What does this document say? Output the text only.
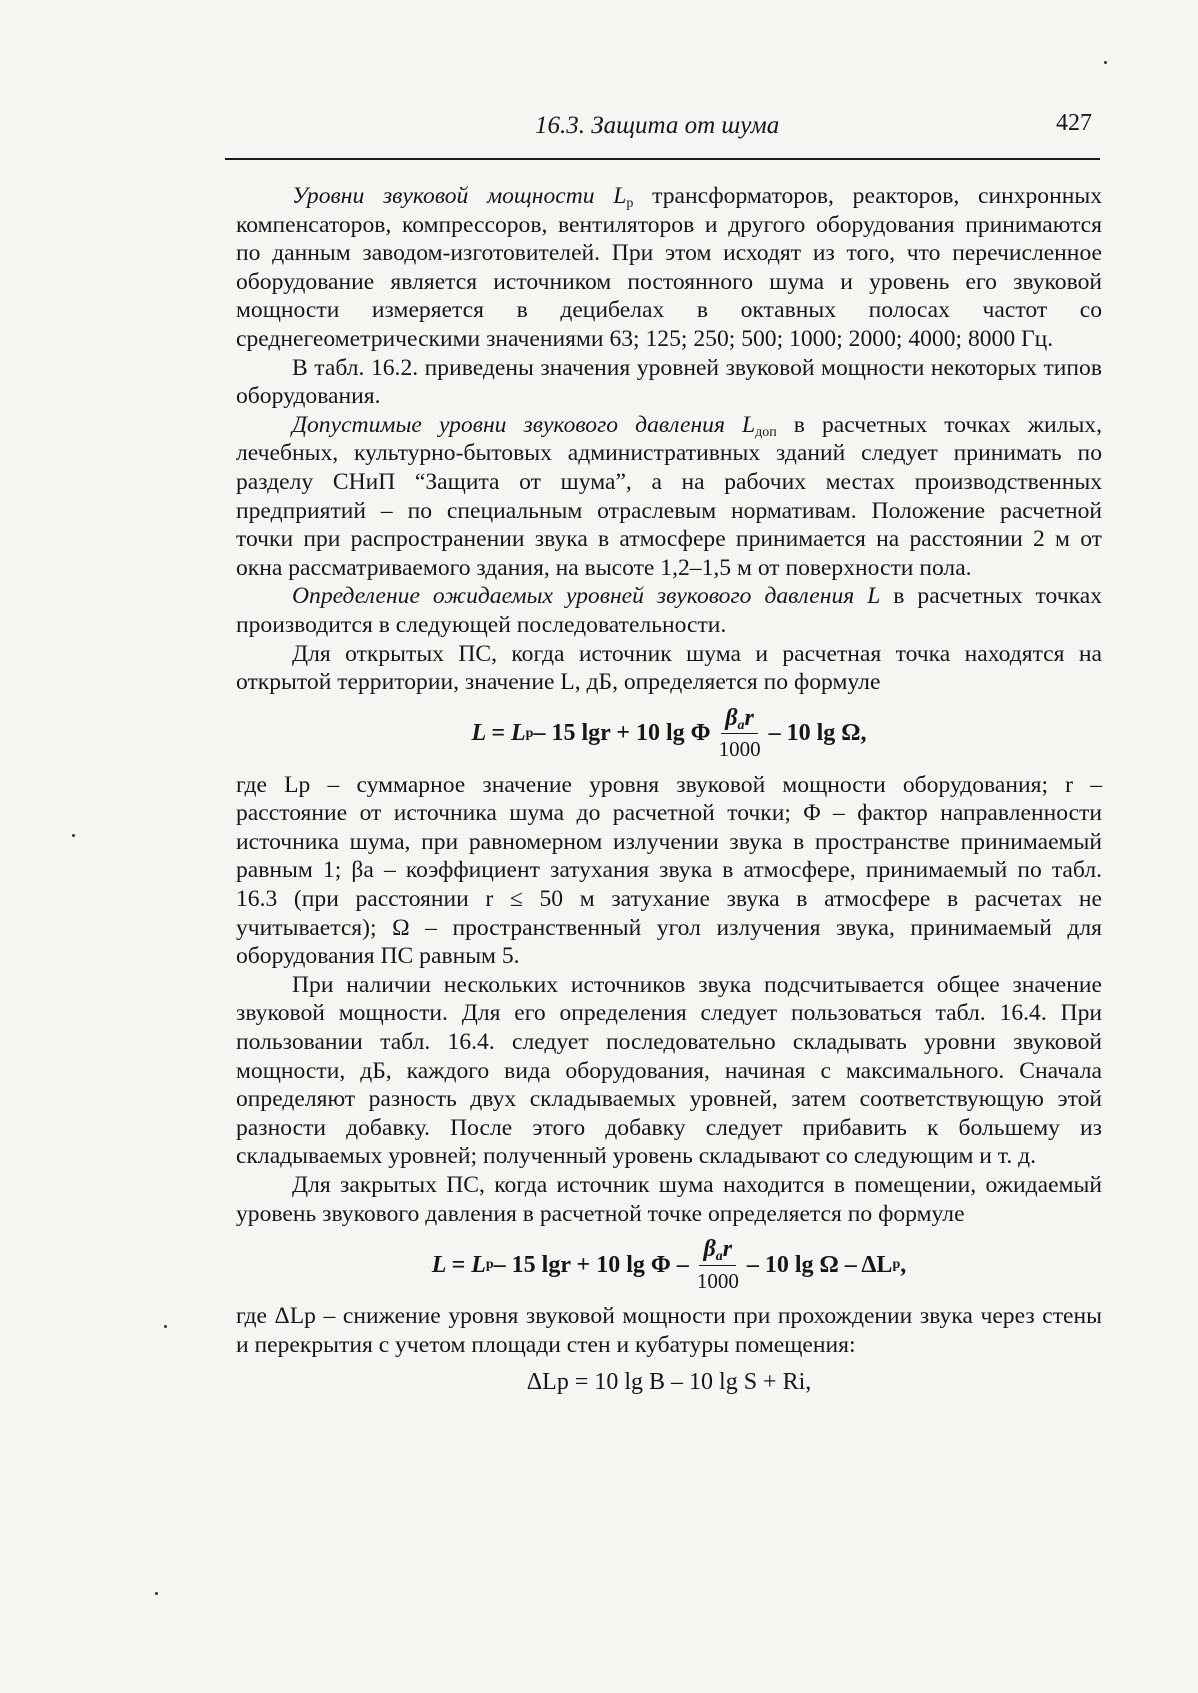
16.3. Защита от шума	427

Уровни звуковой мощности $L_p$ трансформаторов, реакторов, синхронных компенсаторов, компрессоров, вентиляторов и другого оборудования принимаются по данным заводом-изготовителей. При этом исходят из того, что перечисленное оборудование является источником постоянного шума и уровень его звуковой мощности измеряется в децибелах в октавных полосах частот со среднегеометрическими значениями 63; 125; 250; 500; 1000; 2000; 4000; 8000 Гц.

В табл. 16.2. приведены значения уровней звуковой мощности некоторых типов оборудования.

Допустимые уровни звукового давления $L_{доп}$ в расчетных точках жилых, лечебных, культурно-бытовых административных зданий следует принимать по разделу СНиП “Защита от шума”, а на рабочих местах производственных предприятий – по специальным отраслевым нормативам. Положение расчетной точки при распространении звука в атмосфере принимается на расстоянии 2 м от окна рассматриваемого здания, на высоте 1,2–1,5 м от поверхности пола.

Определение ожидаемых уровней звукового давления L в расчетных точках производится в следующей последовательности.

Для открытых ПС, когда источник шума и расчетная точка находятся на открытой территории, значение L, дБ, определяется по формуле

L = L p – 15 lgr + 10 lg Φ $\frac{\beta_ar}{1000} - 10$ lg Ω,

где Lp – суммарное значение уровня звуковой мощности оборудования; r – расстояние от источника шума до расчетной точки; Φ – фактор направленности источника шума, при равномерном излучении звука в пространстве принимаемый равным 1; βa – коэффициент затухания звука в атмосфере, принимаемый по табл. 16.3 (при расстоянии r ≤ 50 м затухание звука в атмосфере в расчетах не учитывается); Ω – пространственный угол излучения звука, принимаемый для оборудования ПС равным 5.

При наличии нескольких источников звука подсчитывается общее значение звуковой мощности. Для его определения следует пользоваться табл. 16.4. При пользовании табл. 16.4. следует последовательно складывать уровни звуковой мощности, дБ, каждого вида оборудования, начиная с максимального. Сначала определяют разность двух складываемых уровней, затем соответствующую этой разности добавку. После этого добавку следует прибавить к большему из складываемых уровней; полученный уровень складывают со следующим и т. д.

Для закрытых ПС, когда источник шума находится в помещении, ожидаемый уровень звукового давления в расчетной точке определяется по формуле

L = L p – 15 lgr + 10 lg Φ – $\frac{\beta_ar}{1000} - 10$ lg Ω – ΔL p ,

где ΔLp – снижение уровня звуковой мощности при прохождении звука через стены и перекрытия с учетом площади стен и кубатуры помещения:

ΔLp = 10 lg B – 10 lg S + Ri,
